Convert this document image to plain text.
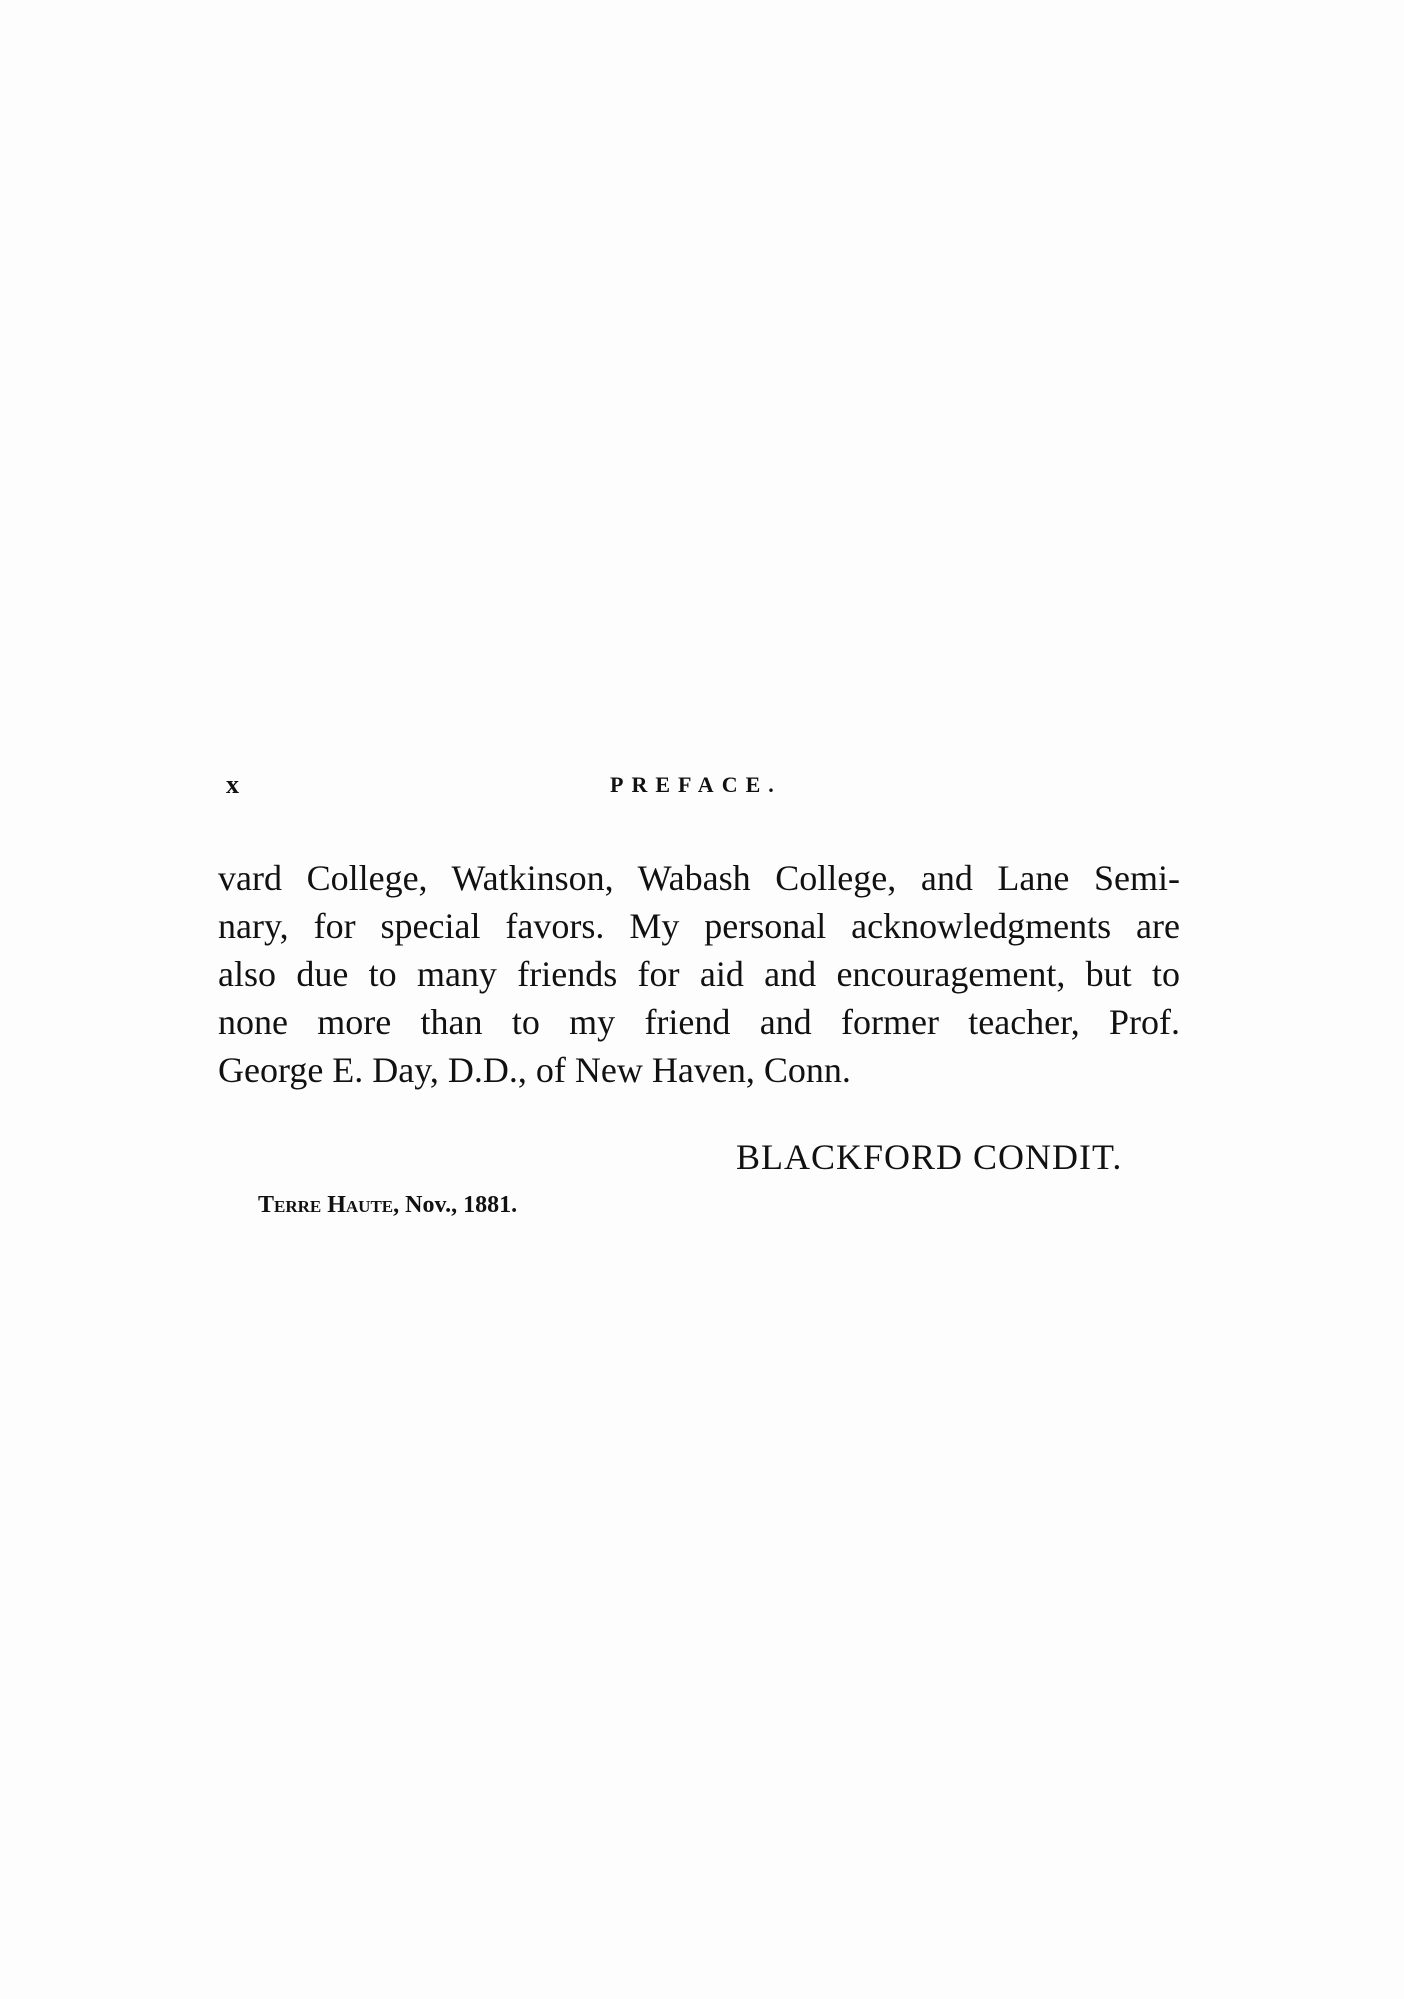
x	PREFACE.
vard College, Watkinson, Wabash College, and Lane Semi-
nary, for special favors. My personal acknowledgments are
also due to many friends for aid and encouragement, but to
none more than to my friend and former teacher, Prof.
George E. Day, D.D., of New Haven, Conn.
BLACKFORD CONDIT.
Terre Haute, Nov., 1881.
